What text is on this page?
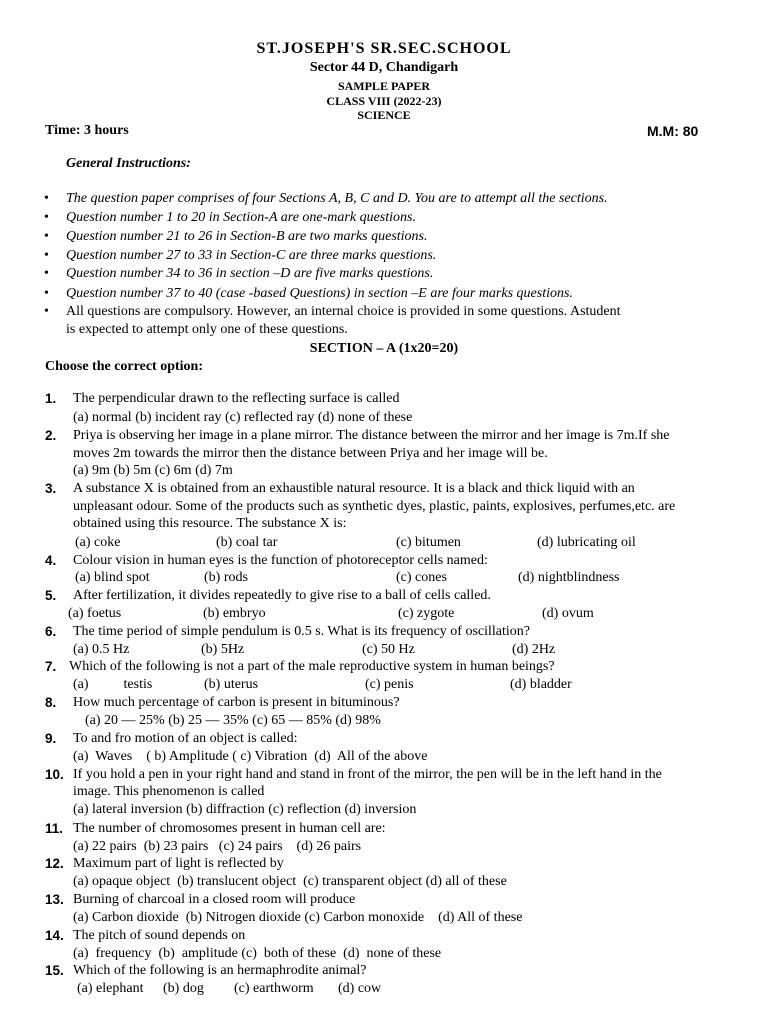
ST.JOSEPH'S SR.SEC.SCHOOL
Sector 44 D, Chandigarh
SAMPLE PAPER
CLASS VIII (2022-23)
SCIENCE
Time: 3 hours	M.M: 80
General Instructions:
• The question paper comprises of four Sections A, B, C and D. You are to attempt all the sections.
• Question number 1 to 20 in Section-A are one-mark questions.
• Question number 21 to 26 in Section-B are two marks questions.
• Question number 27 to 33 in Section-C are three marks questions.
• Question number 34 to 36 in section –D are five marks questions.
• Question number 37 to 40 (case -based Questions) in section –E are four marks questions.
• All questions are compulsory. However, an internal choice is provided in some questions. Astudent
is expected to attempt only one of these questions.
SECTION – A (1x20=20)
Choose the correct option:
1. The perpendicular drawn to the reflecting surface is called
(a) normal (b) incident ray (c) reflected ray (d) none of these
2. Priya is observing her image in a plane mirror. The distance between the mirror and her image is 7m.If she
moves 2m towards the mirror then the distance between Priya and her image will be.
(a) 9m (b) 5m (c) 6m (d) 7m
3. A substance X is obtained from an exhaustible natural resource. It is a black and thick liquid with an
unpleasant odour. Some of the products such as synthetic dyes, plastic, paints, explosives, perfumes,etc. are
obtained using this resource. The substance X is:
(a) coke	(b) coal tar	(c) bitumen	(d) lubricating oil
4. Colour vision in human eyes is the function of photoreceptor cells named:
(a) blind spot	(b) rods	(c) cones	(d) nightblindness
5. After fertilization, it divides repeatedly to give rise to a ball of cells called.
(a) foetus	(b) embryo	(c) zygote	(d) ovum
6. The time period of simple pendulum is 0.5 s. What is its frequency of oscillation?
(a) 0.5 Hz	(b) 5Hz	(c) 50 Hz	(d) 2Hz
7. Which of the following is not a part of the male reproductive system in human beings?
(a)          testis	(b) uterus	(c) penis	(d) bladder
8. How much percentage of carbon is present in bituminous?
(a) 20 — 25% (b) 25 — 35% (c) 65 — 85% (d) 98%
9. To and fro motion of an object is called:
(a)  Waves    ( b) Amplitude ( c) Vibration  (d)  All of the above
10. If you hold a pen in your right hand and stand in front of the mirror, the pen will be in the left hand in the
image. This phenomenon is called
(a) lateral inversion (b) diffraction (c) reflection (d) inversion
11. The number of chromosomes present in human cell are:
(a) 22 pairs  (b) 23 pairs   (c) 24 pairs    (d) 26 pairs
12. Maximum part of light is reflected by
(a) opaque object  (b) translucent object  (c) transparent object (d) all of these
13. Burning of charcoal in a closed room will produce
(a) Carbon dioxide  (b) Nitrogen dioxide (c) Carbon monoxide    (d) All of these
14. The pitch of sound depends on
(a)  frequency  (b)  amplitude (c)  both of these  (d)  none of these
15. Which of the following is an hermaphrodite animal?
(a) elephant (b) dog (c) earthworm (d) cow
